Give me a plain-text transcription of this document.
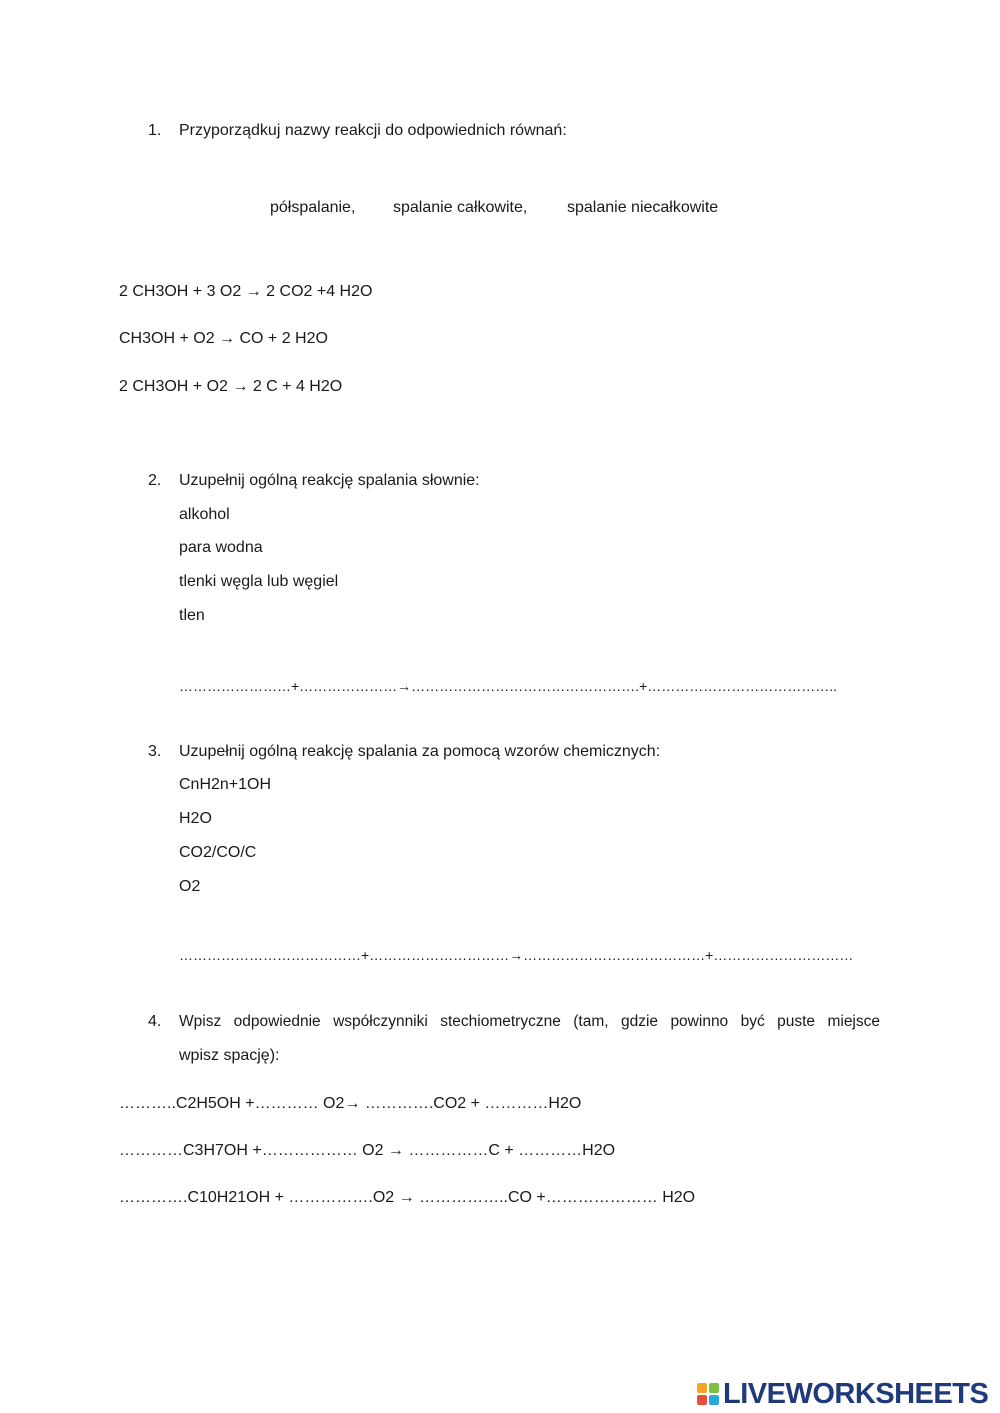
1. Przyporządkuj nazwy reakcji do odpowiednich równań:
półspalanie, spalanie całkowite, spalanie niecałkowite
2 CH3OH + 3 O2 → 2 CO2 +4 H2O
CH3OH + O2 → CO + 2 H2O
2 CH3OH + O2 → 2 C + 4 H2O
2. Uzupełnij ogólną reakcję spalania słownie:
alkohol
para wodna
tlenki węgla lub węgiel
tlen
……………………+…………………→………………………………………….+…………………………………..
3. Uzupełnij ogólną reakcję spalania za pomocą wzorów chemicznych:
CnH2n+1OH
H2O
CO2/CO/C
O2
…………………………………+…………………………→…………………………………+…………………………
4. Wpisz odpowiednie współczynniki stechiometryczne (tam, gdzie powinno być puste miejsce
wpisz spację):
………..C2H5OH +………… O2→ ………….CO2 + …………H2O
…………C3H7OH +……………… O2 → ……………C + …………H2O
………….C10H21OH + …………….O2 → ……………..CO +………………… H2O
LIVEWORKSHEETS
